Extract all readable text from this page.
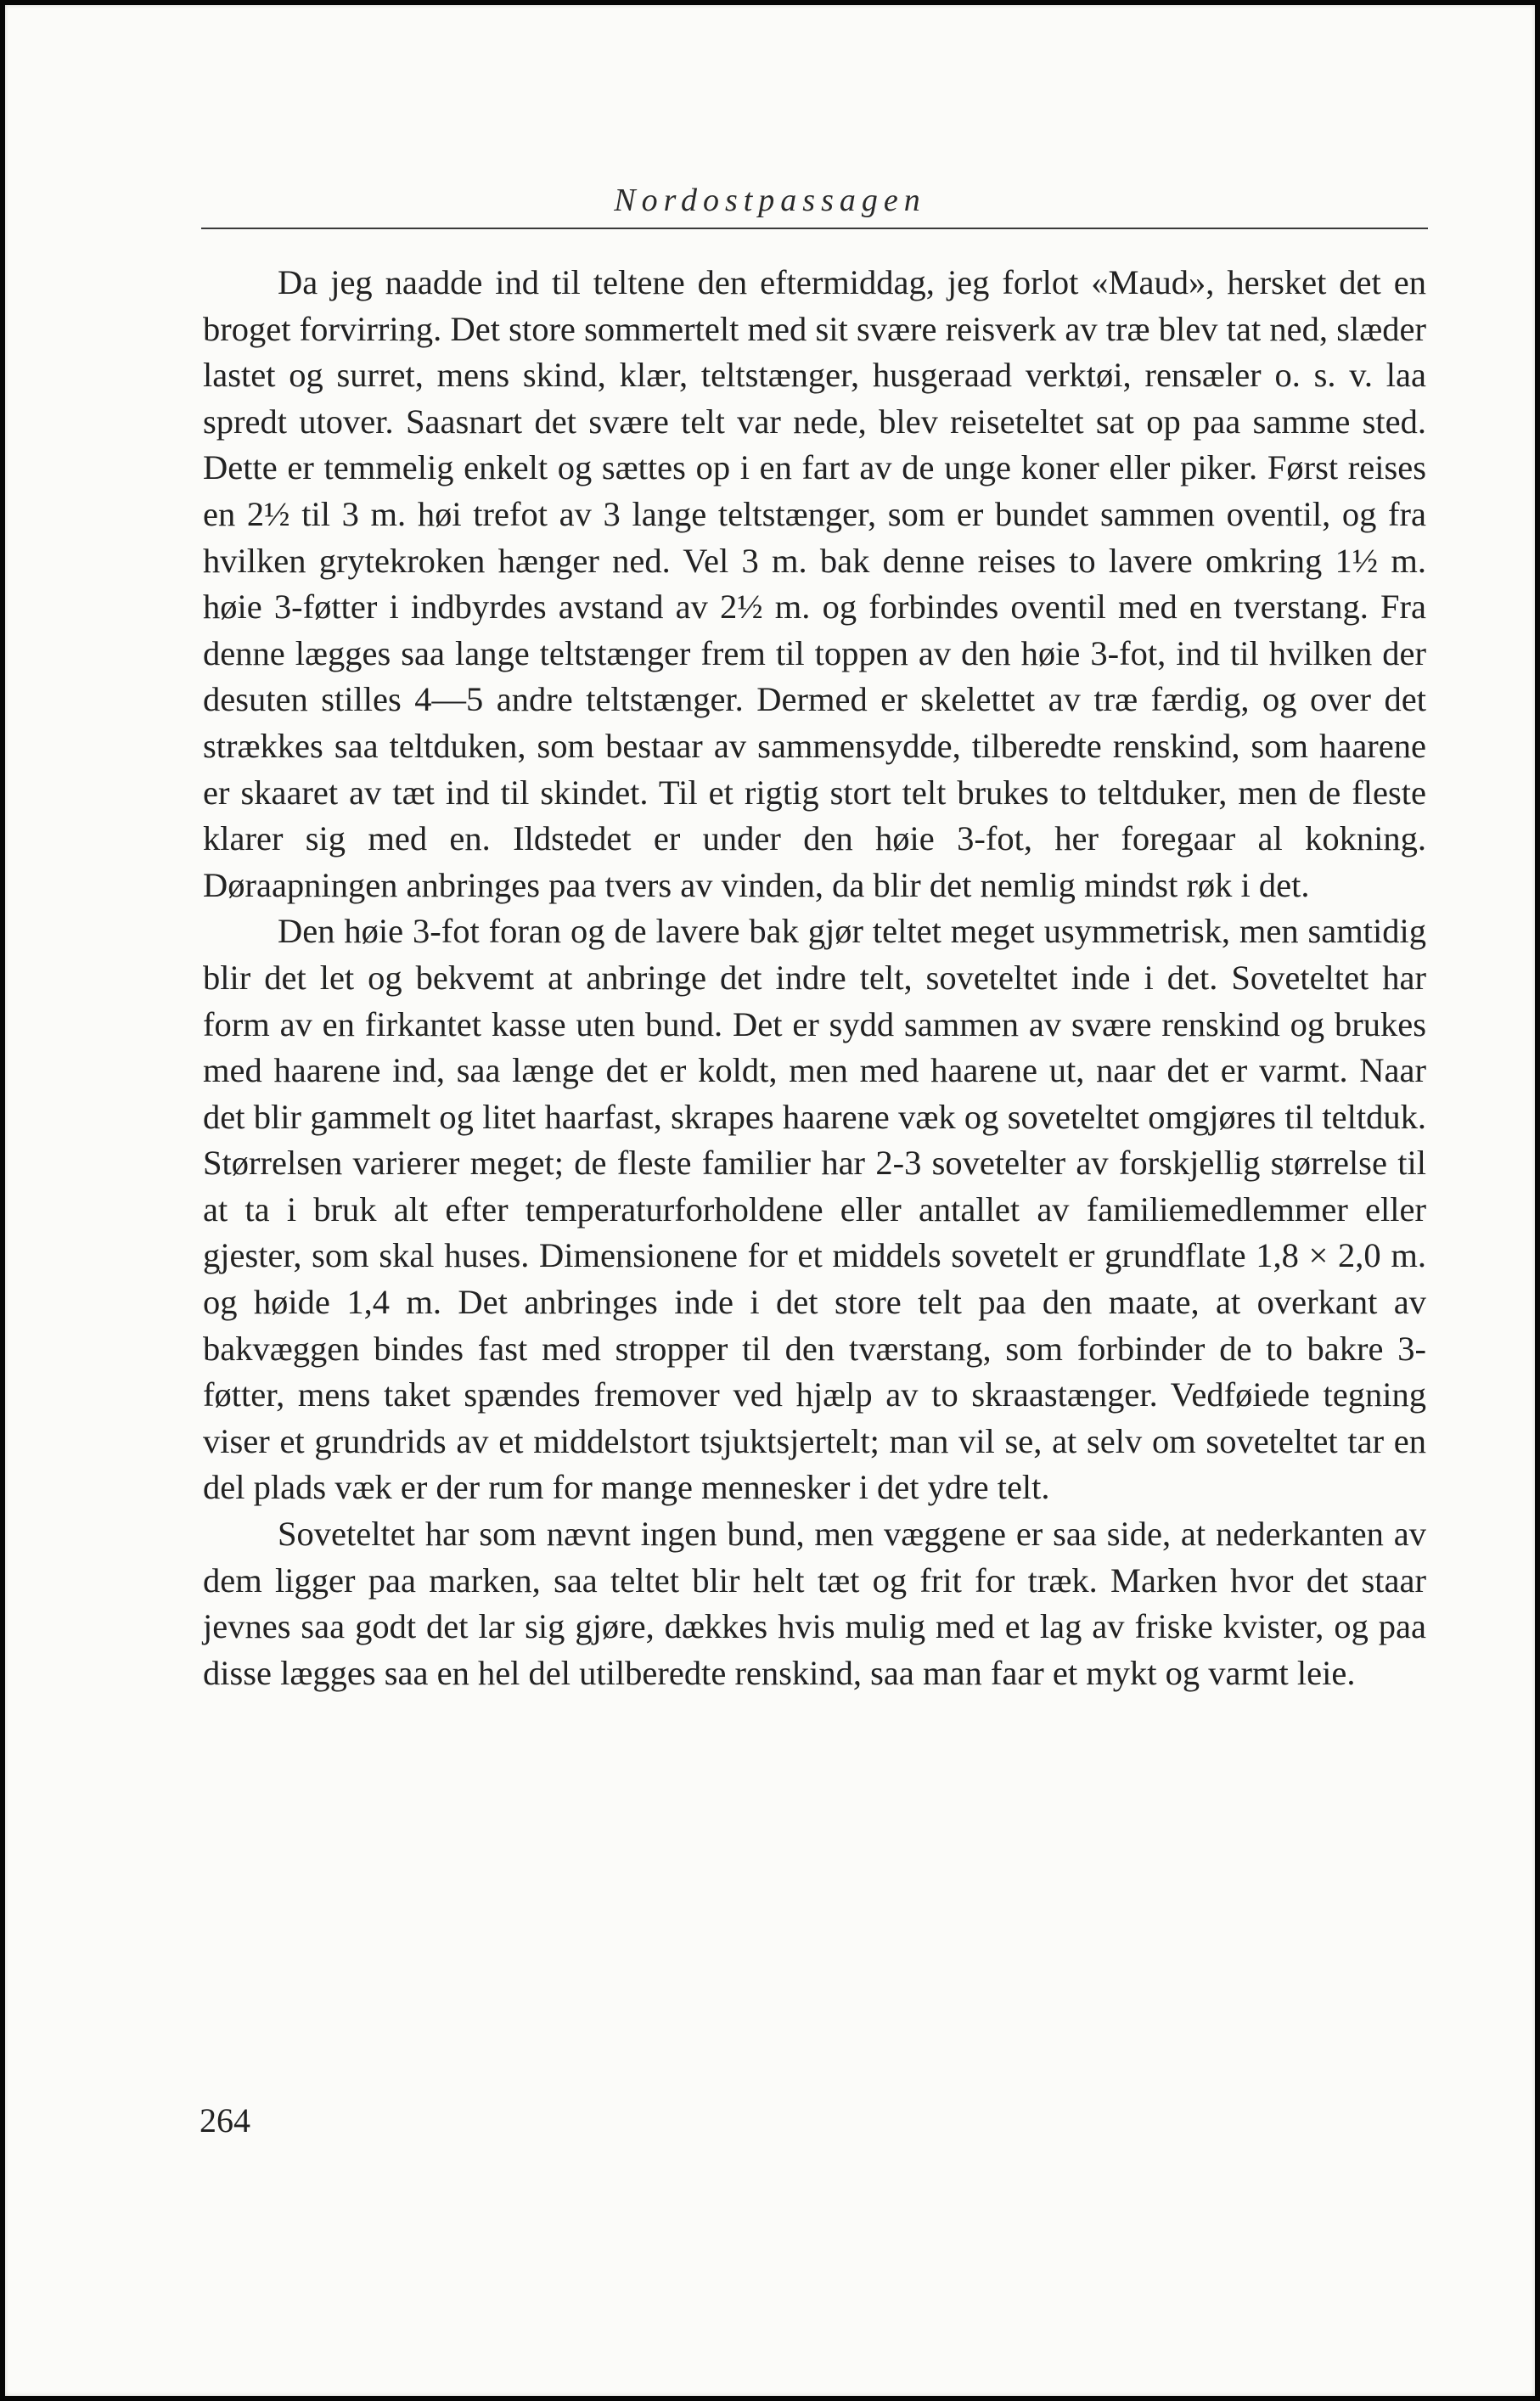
Nordostpassagen

Da jeg naadde ind til teltene den eftermiddag, jeg forlot «Maud», hersket det en broget forvirring. Det store sommertelt med sit svære reisverk av træ blev tat ned, slæder lastet og surret, mens skind, klær, teltstænger, husgeraad verktøi, rensæler o. s. v. laa spredt utover. Saasnart det svære telt var nede, blev reiseteltet sat op paa samme sted. Dette er temmelig enkelt og sættes op i en fart av de unge koner eller piker. Først reises en 2½ til 3 m. høi trefot av 3 lange teltstænger, som er bundet sammen oventil, og fra hvilken grytekroken hænger ned. Vel 3 m. bak denne reises to lavere omkring 1½ m. høie 3-føtter i indbyrdes avstand av 2½ m. og forbindes oventil med en tverstang. Fra denne lægges saa lange teltstænger frem til toppen av den høie 3-fot, ind til hvilken der desuten stilles 4—5 andre teltstænger. Dermed er skelettet av træ færdig, og over det strækkes saa teltduken, som bestaar av sammensydde, tilberedte renskind, som haarene er skaaret av tæt ind til skindet. Til et rigtig stort telt brukes to teltduker, men de fleste klarer sig med en. Ildstedet er under den høie 3-fot, her foregaar al kokning. Døraapningen anbringes paa tvers av vinden, da blir det nemlig mindst røk i det.

Den høie 3-fot foran og de lavere bak gjør teltet meget usymmetrisk, men samtidig blir det let og bekvemt at anbringe det indre telt, soveteltet inde i det. Soveteltet har form av en firkantet kasse uten bund. Det er sydd sammen av svære renskind og brukes med haarene ind, saa længe det er koldt, men med haarene ut, naar det er varmt. Naar det blir gammelt og litet haarfast, skrapes haarene væk og soveteltet omgjøres til teltduk. Størrelsen varierer meget; de fleste familier har 2-3 sovetelter av forskjellig størrelse til at ta i bruk alt efter temperaturforholdene eller antallet av familiemedlemmer eller gjester, som skal huses. Dimensionene for et middels sovetelt er grundflate 1,8 × 2,0 m. og høide 1,4 m. Det anbringes inde i det store telt paa den maate, at overkant av bakvæggen bindes fast med stropper til den tværstang, som forbinder de to bakre 3-føtter, mens taket spændes fremover ved hjælp av to skraastænger. Vedføiede tegning viser et grundrids av et middelstort tsjuktsjertelt; man vil se, at selv om soveteltet tar en del plads væk er der rum for mange mennesker i det ydre telt.

Soveteltet har som nævnt ingen bund, men væggene er saa side, at nederkanten av dem ligger paa marken, saa teltet blir helt tæt og frit for træk. Marken hvor det staar jevnes saa godt det lar sig gjøre, dækkes hvis mulig med et lag av friske kvister, og paa disse lægges saa en hel del utilberedte renskind, saa man faar et mykt og varmt leie.

264
